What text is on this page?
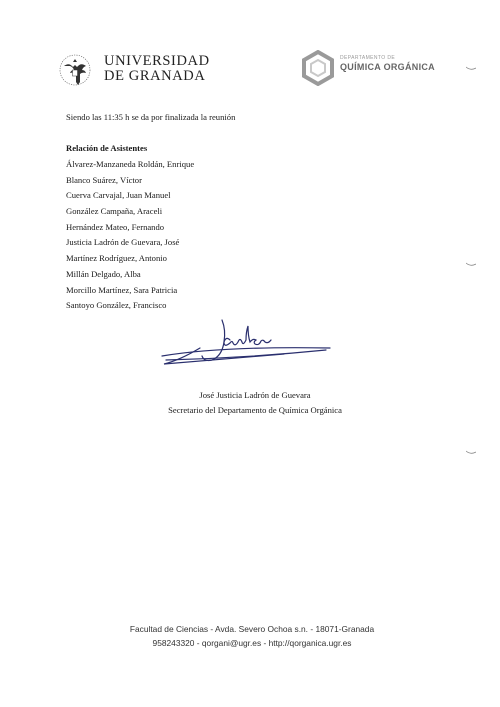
UNIVERSIDAD
DE GRANADA
DEPARTAMENTO DE
QUÍMICA ORGÁNICA
Siendo las 11:35 h se da por finalizada la reunión
Relación de Asistentes
Álvarez-Manzaneda Roldán, Enrique
Blanco Suárez, Víctor
Cuerva Carvajal, Juan Manuel
González Campaña, Araceli
Hernández Mateo, Fernando
Justicia Ladrón de Guevara, José
Martínez Rodríguez, Antonio
Millán Delgado, Alba
Morcillo Martínez, Sara Patricia
Santoyo González, Francisco
José Justicia Ladrón de Guevara
Secretario del Departamento de Química Orgánica
Facultad de Ciencias - Avda. Severo Ochoa s.n. - 18071-Granada
958243320 - qorgani@ugr.es - http://qorganica.ugr.es
